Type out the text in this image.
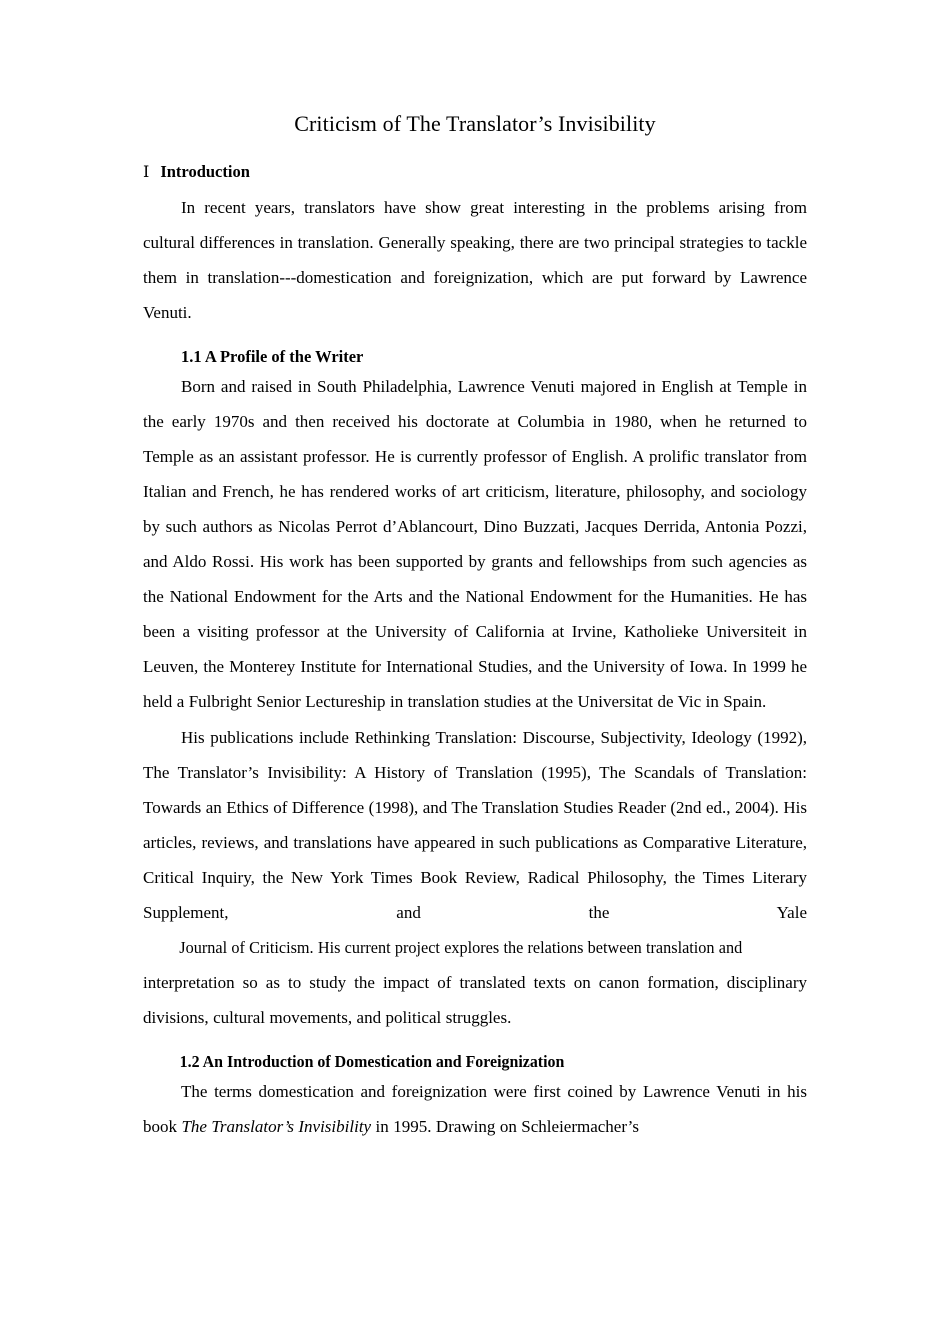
Criticism of The Translator’s Invisibility
Ⅰ Introduction

In recent years, translators have show great interesting in the problems arising from cultural differences in translation. Generally speaking, there are two principal strategies to tackle them in translation---domestication and foreignization, which are put forward by Lawrence Venuti.

1.1 A Profile of the Writer

Born and raised in South Philadelphia, Lawrence Venuti majored in English at Temple in the early 1970s and then received his doctorate at Columbia in 1980, when he returned to Temple as an assistant professor. He is currently professor of English. A prolific translator from Italian and French, he has rendered works of art criticism, literature, philosophy, and sociology by such authors as Nicolas Perrot d’Ablancourt, Dino Buzzati, Jacques Derrida, Antonia Pozzi, and Aldo Rossi. His work has been supported by grants and fellowships from such agencies as the National Endowment for the Arts and the National Endowment for the Humanities. He has been a visiting professor at the University of California at Irvine, Katholieke Universiteit in Leuven, the Monterey Institute for International Studies, and the University of Iowa. In 1999 he held a Fulbright Senior Lectureship in translation studies at the Universitat de Vic in Spain.

His publications include Rethinking Translation: Discourse, Subjectivity, Ideology (1992), The Translator’s Invisibility: A History of Translation (1995), The Scandals of Translation: Towards an Ethics of Difference (1998), and The Translation Studies Reader (2nd ed., 2004). His articles, reviews, and translations have appeared in such publications as Comparative Literature, Critical Inquiry, the New York Times Book Review, Radical Philosophy, the Times Literary Supplement, and the Yale Journal of Criticism. His current project explores the relations between translation and interpretation so as to study the impact of translated texts on canon formation, disciplinary divisions, cultural movements, and political struggles.

1.2 An Introduction of Domestication and Foreignization

The terms domestication and foreignization were first coined by Lawrence Venuti in his book The Translator’s Invisibility in 1995. Drawing on Schleiermacher’s
